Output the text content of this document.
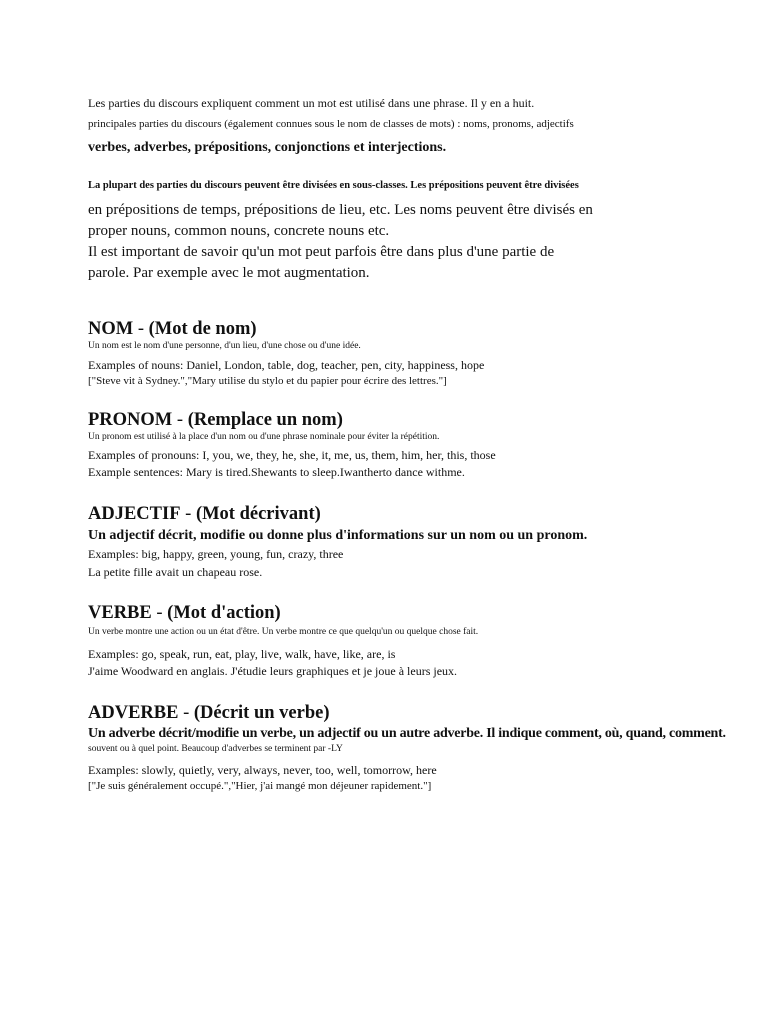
Les parties du discours expliquent comment un mot est utilisé dans une phrase. Il y en a huit.
principales parties du discours (également connues sous le nom de classes de mots) : noms, pronoms, adjectifs
verbes, adverbes, prépositions, conjonctions et interjections.
La plupart des parties du discours peuvent être divisées en sous-classes. Les prépositions peuvent être divisées
en prépositions de temps, prépositions de lieu, etc. Les noms peuvent être divisés en
proper nouns, common nouns, concrete nouns etc.
Il est important de savoir qu'un mot peut parfois être dans plus d'une partie de
parole. Par exemple avec le mot augmentation.
NOM - (Mot de nom)
Un nom est le nom d'une personne, d'un lieu, d'une chose ou d'une idée.
Examples of nouns: Daniel, London, table, dog, teacher, pen, city, happiness, hope
["Steve vit à Sydney.","Mary utilise du stylo et du papier pour écrire des lettres."]
PRONOM - (Remplace un nom)
Un pronom est utilisé à la place d'un nom ou d'une phrase nominale pour éviter la répétition.
Examples of pronouns: I, you, we, they, he, she, it, me, us, them, him, her, this, those
Example sentences: Mary is tired.Shewants to sleep.Iwantherto dance withme.
ADJECTIF - (Mot décrivant)
Un adjectif décrit, modifie ou donne plus d'informations sur un nom ou un pronom.
Examples: big, happy, green, young, fun, crazy, three
La petite fille avait un chapeau rose.
VERBE - (Mot d'action)
Un verbe montre une action ou un état d'être. Un verbe montre ce que quelqu'un ou quelque chose fait.
Examples: go, speak, run, eat, play, live, walk, have, like, are, is
J'aime Woodward en anglais. J'étudie leurs graphiques et je joue à leurs jeux.
ADVERBE - (Décrit un verbe)
Un adverbe décrit/modifie un verbe, un adjectif ou un autre adverbe. Il indique comment, où, quand, comment.
souvent ou à quel point. Beaucoup d'adverbes se terminent par -LY
Examples: slowly, quietly, very, always, never, too, well, tomorrow, here
["Je suis généralement occupé.","Hier, j'ai mangé mon déjeuner rapidement."]
